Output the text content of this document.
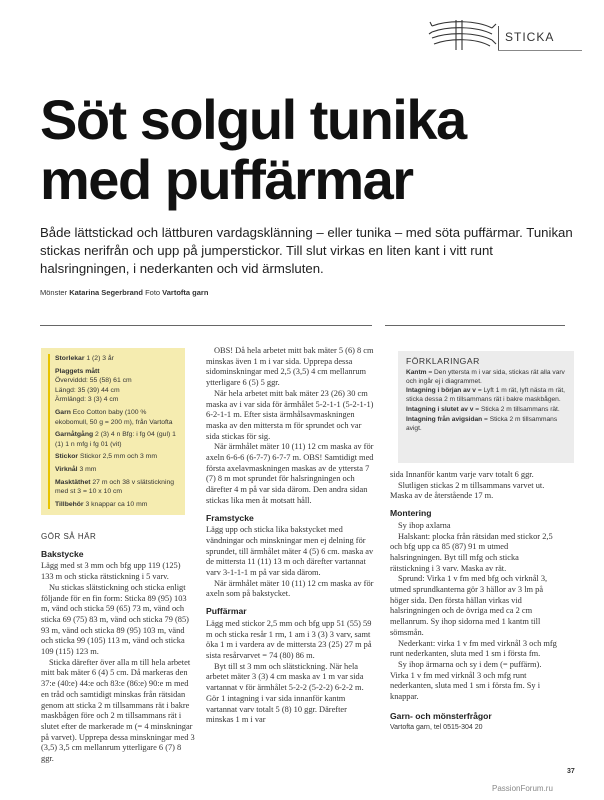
STICKA
Söt solgul tunika
med puffärmar

Både lättstickad och lättburen vardagsklänning – eller tunika – med söta puffärmar. Tunikan stickas nerifrån och upp på jumperstickor. Till slut virkas en liten kant i vitt runt halsringningen, i nederkanten och vid ärmsluten.

Mönster Katarina Segerbrand Foto Vartofta garn
Storlekar 1 (2) 3 år
Plaggets mått
Överviddd: 55 (58) 61 cm
Längd: 35 (39) 44 cm
Ärmlängd: 3 (3) 4 cm
Garn Eco Cotton baby (100 % ekobomull, 50 g = 200 m), från Vartofta
Garnåtgång 2 (3) 4 n Bfg: i fg 04 (gul) 1 (1) 1 n mfg i fg 01 (vit)
Stickor Stickor 2,5 mm och 3 mm
Virknål 3 mm
Masktäthet 27 m och 38 v slätstickning med st 3 = 10 x 10 cm
Tillbehör 3 knappar ca 10 mm
GÖR SÅ HÄR
Bakstycke

Lägg med st 3 mm och bfg upp 119 (125) 133 m och sticka rätstickning i 5 varv.

Nu stickas slätstickning och sticka enligt följande för en fin form: Sticka 89 (95) 103 m, vänd och sticka 59 (65) 73 m, vänd och sticka 69 (75) 83 m, vänd och sticka 79 (85) 93 m, vänd och sticka 89 (95) 103 m, vänd och sticka 99 (105) 113 m, vänd och sticka 109 (115) 123 m.

Sticka därefter över alla m till hela arbetet mitt bak mäter 6 (4) 5 cm. Då markeras den 37:e (40:e) 44:e och 83:e (86:e) 90:e m med en tråd och samtidigt minskas från rätsidan genom att sticka 2 m tillsammans rät i bakre maskbågen före och 2 m tillsammans rät i slutet efter de markerade m (= 4 minskningar på varvet). Upprepa dessa minskningar med 3 (3,5) 3,5 cm mellanrum ytterligare 6 (7) 8 ggr.

OBS! Då hela arbetet mitt bak mäter 5 (6) 8 cm minskas även 1 m i var sida. Upprepa dessa sidominskningar med 2,5 (3,5) 4 cm mellanrum ytterligare 6 (5) 5 ggr.

När hela arbetet mitt bak mäter 23 (26) 30 cm maska av i var sida för ärmhålet 5-2-1-1 (5-2-1-1) 6-2-1-1 m. Efter sista ärmhålsavmaskningen maska av den mittersta m för sprundet och var sida stickas för sig.

När ärmhålet mäter 10 (11) 12 cm maska av för axeln 6-6-6 (6-7-7) 6-7-7 m. OBS! Samtidigt med första axelavmaskningen maskas av de yttersta 7 (7) 8 m mot sprundet för halsringningen och därefter 4 m på var sida därom. Den andra sidan stickas lika men åt motsatt håll.

Framstycke

Lägg upp och sticka lika bakstycket med vändningar och minskningar men ej delning för sprundet, till ärmhålet mäter 4 (5) 6 cm. maska av de mittersta 11 (11) 13 m och därefter vartannat varv 3-1-1-1 m på var sida därom.

När ärmhålet mäter 10 (11) 12 cm maska av för axeln som på bakstycket.

Puffärmar

Lägg med stickor 2,5 mm och bfg upp 51 (55) 59 m och sticka resår 1 rm, 1 am i 3 (3) 3 varv, samt öka 1 m i vardera av de mittersta 23 (25) 27 m på sista resårvarvet = 74 (80) 86 m.

Byt till st 3 mm och slätstickning. När hela arbetet mäter 3 (3) 4 cm maska av 1 m var sida vartannat v för ärmhålet 5-2-2 (5-2-2) 6-2-2 m. Gör 1 intagning i var sida innanför kantm vartannat varv totalt 5 (8) 10 ggr. Därefter minskas 1 m i var

FÖRKLARINGAR
Kantm = Den yttersta m i var sida, stickas rät alla varv och ingår ej i diagrammet.
Intagning i början av v = Lyft 1 m rät, lyft nästa m rät, sticka dessa 2 m tillsammans rät i bakre maskbågen.
Intagning i slutet av v = Sticka 2 m tillsammans rät.
Intagning från avigsidan = Sticka 2 m tillsammans avigt.

sida Innanför kantm varje varv totalt 6 ggr.

Slutligen stickas 2 m tillsammans varvet ut. Maska av de återstående 17 m.

Montering

Sy ihop axlarna

Halskant: plocka från rätsidan med stickor 2,5 och bfg upp ca 85 (87) 91 m utmed halsringningen. Byt till mfg och sticka rätstickning i 3 varv. Maska av rät.

Sprund: Virka 1 v fm med bfg och virknål 3, utmed sprundkanterna gör 3 hällor av 3 lm på höger sida. Den första hällan virkas vid halsringningen och de övriga med ca 2 cm mellanrum. Sy ihop sidorna med 1 kantm till sömsmån.

Nederkant: virka 1 v fm med virknål 3 och mfg runt nederkanten, sluta med 1 sm i första fm.

Sy ihop ärmarna och sy i dem (= puffärm). Virka 1 v fm med virknål 3 och mfg runt nederkanten, sluta med 1 sm i första fm. Sy i knappar.

Garn- och mönsterfrågor

Vartofta garn, tel 0515-304 20

37
PassionForum.ru
